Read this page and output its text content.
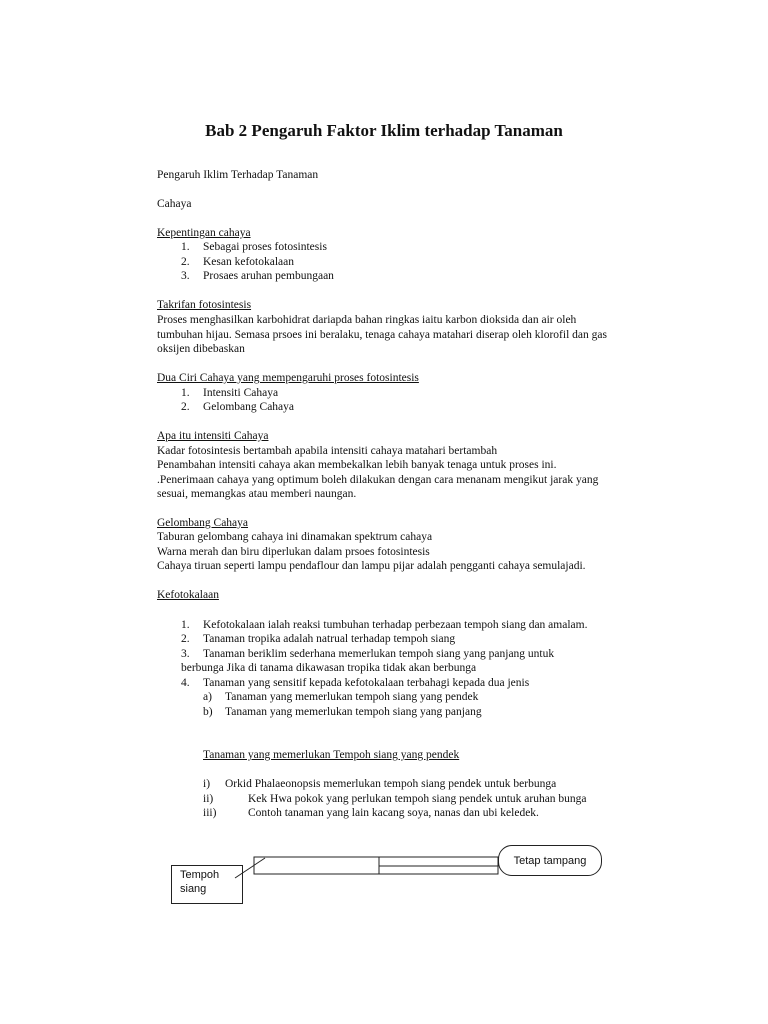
Bab 2 Pengaruh Faktor Iklim terhadap Tanaman
Pengaruh Iklim Terhadap Tanaman
Cahaya
Kepentingan cahaya
1. Sebagai proses fotosintesis
2. Kesan kefotokalaan
3. Prosaes aruhan pembungaan
Takrifan fotosintesis
Proses menghasilkan karbohidrat dariapda bahan ringkas iaitu karbon dioksida dan air oleh
tumbuhan hijau. Semasa prsoes ini beralaku, tenaga cahaya matahari diserap oleh klorofil dan gas
oksijen dibebaskan
Dua Ciri Cahaya yang mempengaruhi proses fotosintesis
1. Intensiti Cahaya
2. Gelombang Cahaya
Apa itu intensiti Cahaya
Kadar fotosintesis bertambah apabila intensiti cahaya matahari bertambah
Penambahan intensiti cahaya akan membekalkan lebih banyak tenaga untuk proses ini.
.Penerimaan cahaya yang optimum boleh dilakukan dengan cara menanam mengikut jarak yang
sesuai, memangkas atau memberi naungan.
Gelombang Cahaya
Taburan gelombang cahaya ini dinamakan spektrum cahaya
Warna merah dan biru diperlukan dalam prsoes fotosintesis
Cahaya tiruan seperti lampu pendaflour dan lampu pijar adalah pengganti cahaya semulajadi.
Kefotokalaan
1. Kefotokalaan ialah reaksi tumbuhan terhadap perbezaan tempoh siang dan amalam.
2. Tanaman tropika adalah natrual terhadap tempoh siang
3. Tanaman beriklim sederhana memerlukan tempoh siang yang panjang untuk
berbunga Jika di tanama dikawasan tropika tidak akan berbunga
4. Tanaman yang sensitif kepada kefotokalaan terbahagi kepada dua jenis
a) Tanaman yang memerlukan tempoh siang yang pendek
b) Tanaman yang memerlukan tempoh siang yang panjang
Tanaman yang memerlukan Tempoh siang yang pendek
i) Orkid Phalaeonopsis memerlukan tempoh siang pendek untuk berbunga
ii)	Kek Hwa pokok yang perlukan tempoh siang pendek untuk aruhan bunga
iii)	Contoh tanaman yang lain kacang soya, nanas dan ubi keledek.
Tempoh
siang
Tetap tampang
